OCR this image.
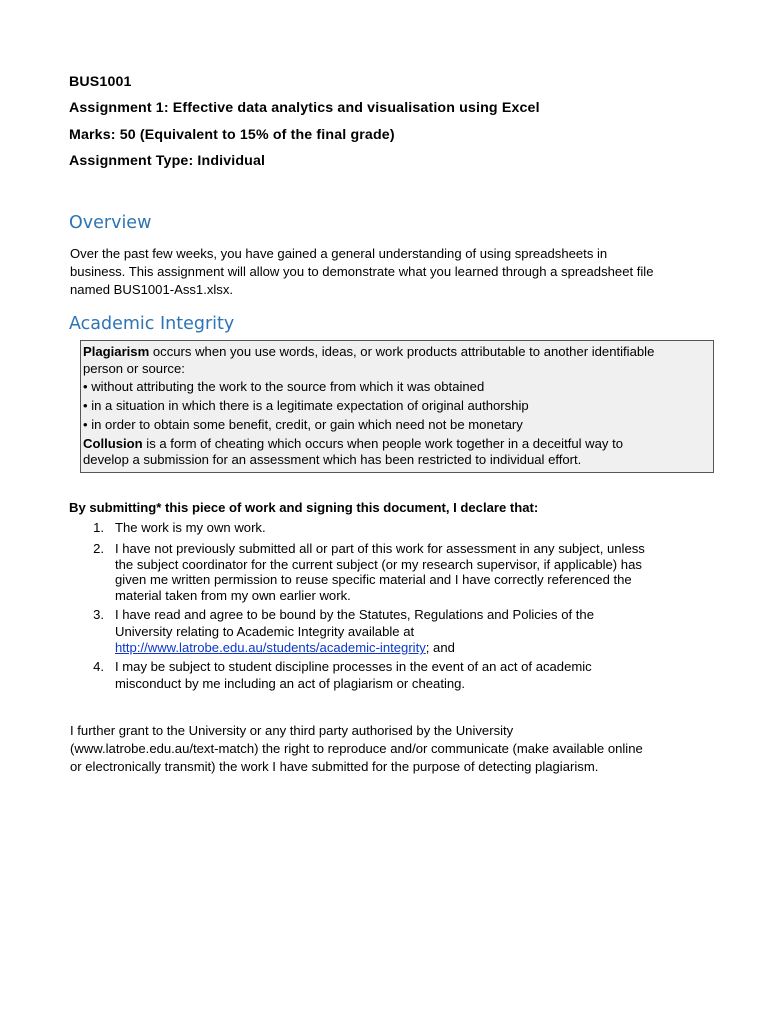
BUS1001
Assignment 1: Effective data analytics and visualisation using Excel
Marks: 50 (Equivalent to 15% of the final grade)
Assignment Type: Individual
Overview
Over the past few weeks, you have gained a general understanding of using spreadsheets in
business. This assignment will allow you to demonstrate what you learned through a spreadsheet file
named BUS1001-Ass1.xlsx.
Academic Integrity
Plagiarism occurs when you use words, ideas, or work products attributable to another identifiable
person or source:
• without attributing the work to the source from which it was obtained
• in a situation in which there is a legitimate expectation of original authorship
• in order to obtain some benefit, credit, or gain which need not be monetary
Collusion is a form of cheating which occurs when people work together in a deceitful way to
develop a submission for an assessment which has been restricted to individual effort.
By submitting* this piece of work and signing this document, I declare that:
1. The work is my own work.
2. I have not previously submitted all or part of this work for assessment in any subject, unless
the subject coordinator for the current subject (or my research supervisor, if applicable) has
given me written permission to reuse specific material and I have correctly referenced the
material taken from my own earlier work.
3. I have read and agree to be bound by the Statutes, Regulations and Policies of the
University relating to Academic Integrity available at
http://www.latrobe.edu.au/students/academic-integrity; and
4. I may be subject to student discipline processes in the event of an act of academic
misconduct by me including an act of plagiarism or cheating.
I further grant to the University or any third party authorised by the University
(www.latrobe.edu.au/text-match) the right to reproduce and/or communicate (make available online
or electronically transmit) the work I have submitted for the purpose of detecting plagiarism.
